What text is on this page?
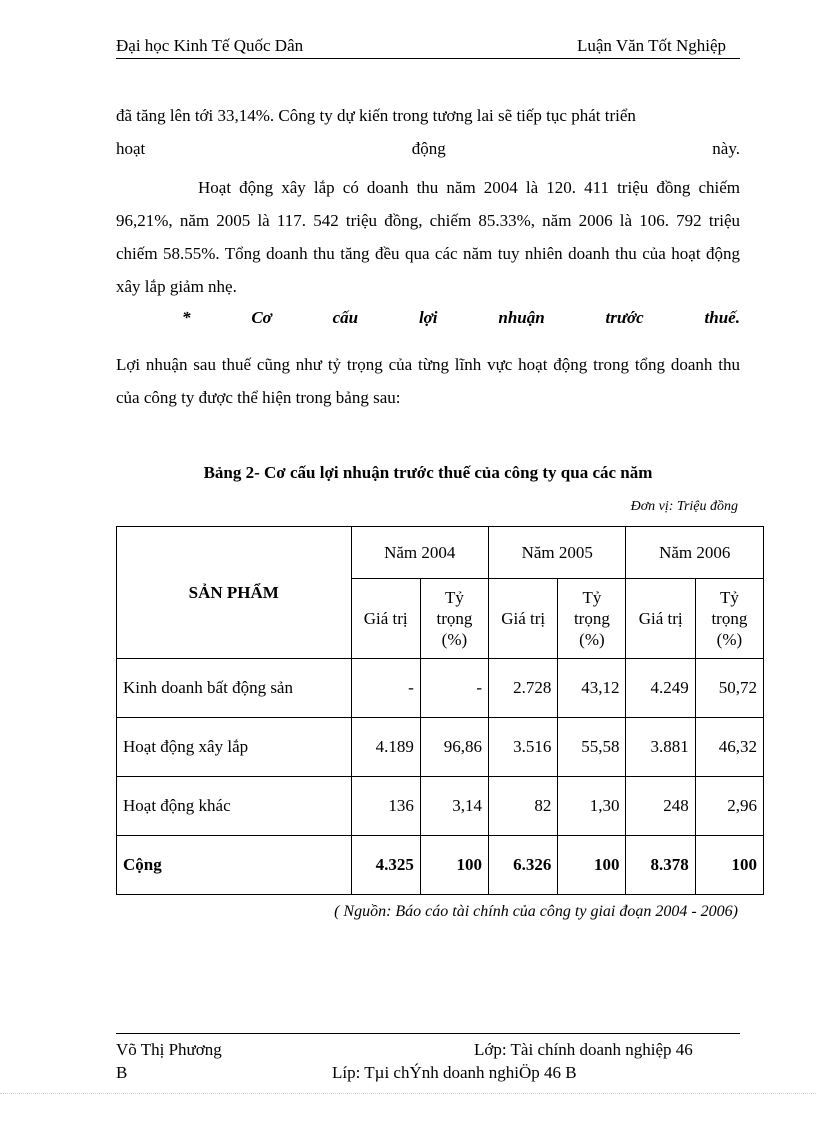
Đại học Kinh Tế Quốc Dân	Luận Văn Tốt Nghiệp
đã tăng lên tới 33,14%. Công ty dự kiến trong tương lai sẽ tiếp tục phát triển
hoạt	động	này.
Hoạt động xây lắp có doanh thu năm 2004 là 120. 411 triệu đồng chiếm 96,21%, năm 2005 là 117. 542 triệu đồng, chiếm 85.33%, năm 2006 là 106. 792 triệu chiếm 58.55%. Tổng doanh thu tăng đều qua các năm tuy nhiên doanh thu của hoạt động xây lắp giảm nhẹ.
*	Cơ	cấu	lợi	nhuận	trước	thuế.
Lợi nhuận sau thuế cũng như tỷ trọng của từng lĩnh vực hoạt động trong tổng doanh thu của công ty được thể hiện trong bảng sau:
Bảng 2- Cơ cấu lợi nhuận trước thuế của công ty qua các năm
Đơn vị: Triệu đồng
SẢN PHẨM	Năm 2004		Năm 2005		Năm 2006	
	Giá trị	Tỷ
trọng
(%)	Giá trị	Tỷ
trọng
(%)	Giá trị	Tỷ
trọng
(%)
Kinh doanh bất động sản	-	-	2.728	43,12	4.249	50,72
Hoạt động xây lắp	4.189	96,86	3.516	55,58	3.881	46,32
Hoạt động khác	136	3,14	82	1,30	248	2,96
Cộng	4.325	100	6.326	100	8.378	100
( Nguồn: Báo cáo tài chính của công ty giai đoạn 2004 - 2006)
Võ Thị Phương	Lớp: Tài chính doanh nghiệp 46
B	Líp: Tµi chÝnh doanh nghiÖp 46 B
